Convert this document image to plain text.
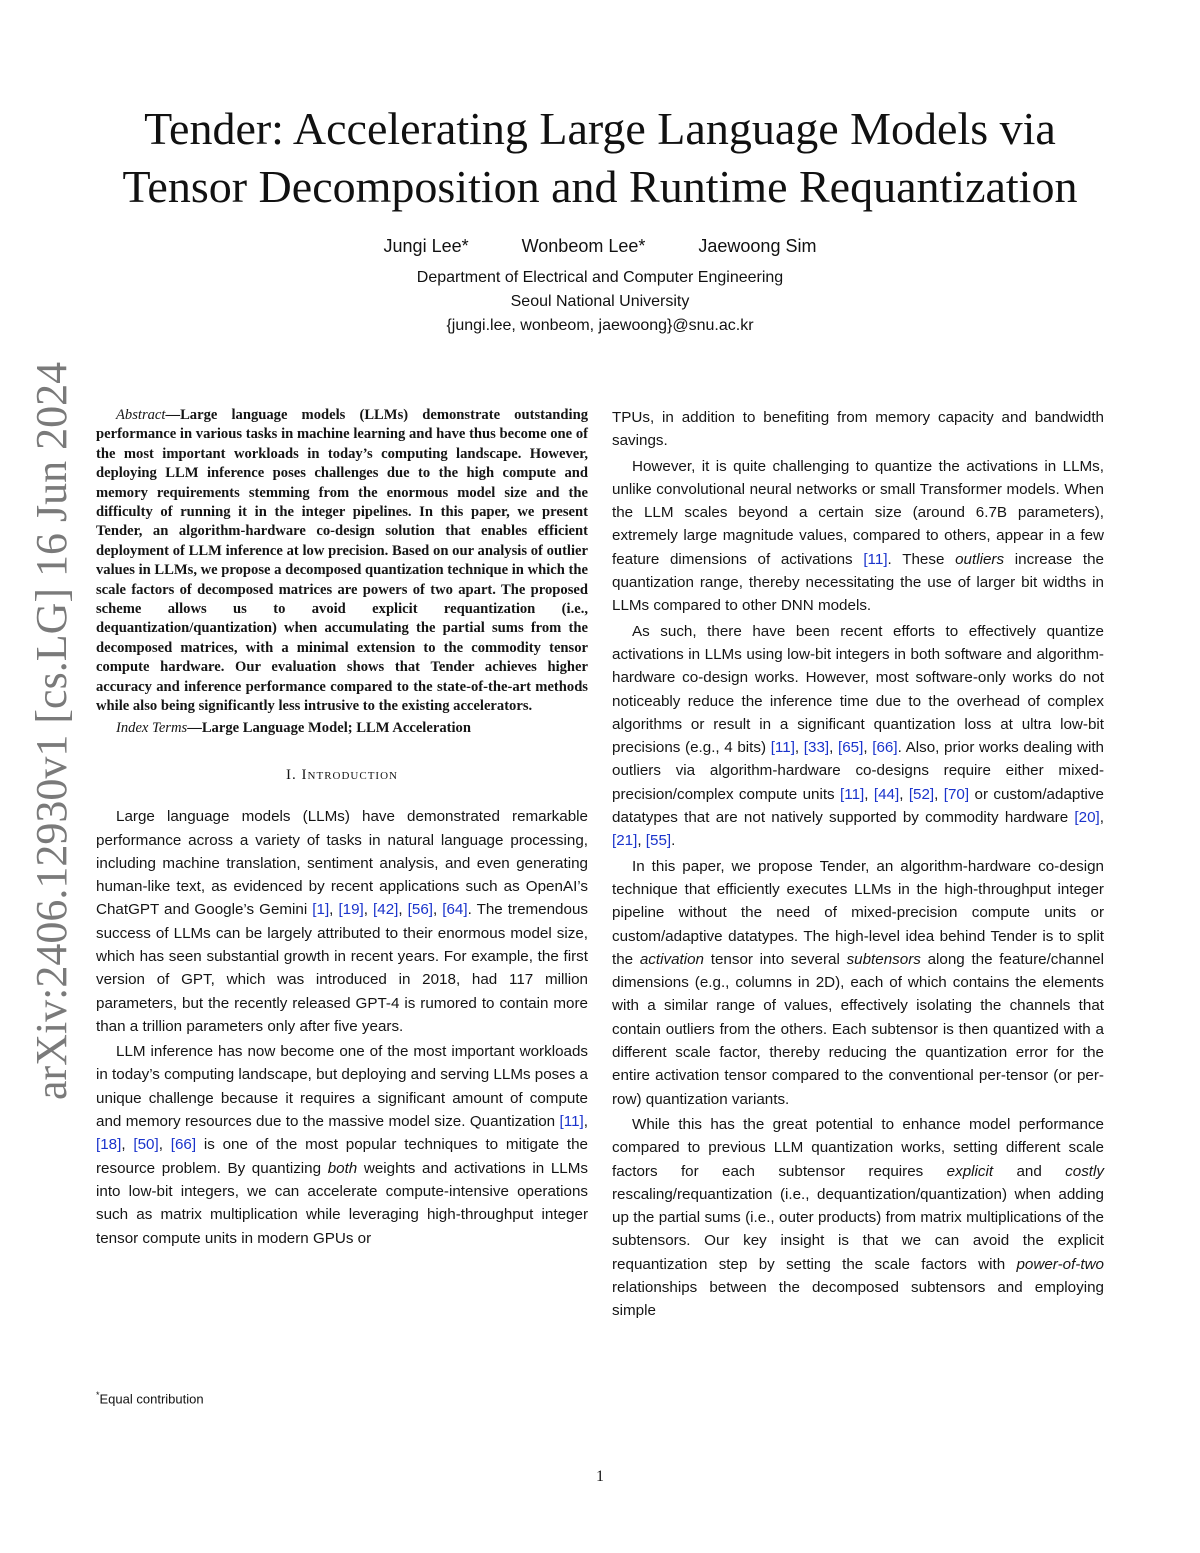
arXiv:2406.12930v1 [cs.LG] 16 Jun 2024
Tender: Accelerating Large Language Models via
Tensor Decomposition and Runtime Requantization
Jungi Lee*	Wonbeom Lee*	Jaewoong Sim
Department of Electrical and Computer Engineering
Seoul National University
{jungi.lee, wonbeom, jaewoong}@snu.ac.kr

Abstract—Large language models (LLMs) demonstrate outstanding performance in various tasks in machine learning and have thus become one of the most important workloads in today’s computing landscape. However, deploying LLM inference poses challenges due to the high compute and memory requirements stemming from the enormous model size and the difficulty of running it in the integer pipelines. In this paper, we present Tender, an algorithm-hardware co-design solution that enables efficient deployment of LLM inference at low precision. Based on our analysis of outlier values in LLMs, we propose a decomposed quantization technique in which the scale factors of decomposed matrices are powers of two apart. The proposed scheme allows us to avoid explicit requantization (i.e., dequantization/quantization) when accumulating the partial sums from the decomposed matrices, with a minimal extension to the commodity tensor compute hardware. Our evaluation shows that Tender achieves higher accuracy and inference performance compared to the state-of-the-art methods while also being significantly less intrusive to the existing accelerators.

Index Terms—Large Language Model; LLM Acceleration

I. Introduction

Large language models (LLMs) have demonstrated remarkable performance across a variety of tasks in natural language processing, including machine translation, sentiment analysis, and even generating human-like text, as evidenced by recent applications such as OpenAI’s ChatGPT and Google’s Gemini [1], [19], [42], [56], [64]. The tremendous success of LLMs can be largely attributed to their enormous model size, which has seen substantial growth in recent years. For example, the first version of GPT, which was introduced in 2018, had 117 million parameters, but the recently released GPT-4 is rumored to contain more than a trillion parameters only after five years.

LLM inference has now become one of the most important workloads in today’s computing landscape, but deploying and serving LLMs poses a unique challenge because it requires a significant amount of compute and memory resources due to the massive model size. Quantization [11], [18], [50], [66] is one of the most popular techniques to mitigate the resource problem. By quantizing both weights and activations in LLMs into low-bit integers, we can accelerate compute-intensive operations such as matrix multiplication while leveraging high-throughput integer tensor compute units in modern GPUs or

TPUs, in addition to benefiting from memory capacity and bandwidth savings.

However, it is quite challenging to quantize the activations in LLMs, unlike convolutional neural networks or small Transformer models. When the LLM scales beyond a certain size (around 6.7B parameters), extremely large magnitude values, compared to others, appear in a few feature dimensions of activations [11]. These outliers increase the quantization range, thereby necessitating the use of larger bit widths in LLMs compared to other DNN models.

As such, there have been recent efforts to effectively quantize activations in LLMs using low-bit integers in both software and algorithm-hardware co-design works. However, most software-only works do not noticeably reduce the inference time due to the overhead of complex algorithms or result in a significant quantization loss at ultra low-bit precisions (e.g., 4 bits) [11], [33], [65], [66]. Also, prior works dealing with outliers via algorithm-hardware co-designs require either mixed-precision/complex compute units [11], [44], [52], [70] or custom/adaptive datatypes that are not natively supported by commodity hardware [20], [21], [55].

In this paper, we propose Tender, an algorithm-hardware co-design technique that efficiently executes LLMs in the high-throughput integer pipeline without the need of mixed-precision compute units or custom/adaptive datatypes. The high-level idea behind Tender is to split the activation tensor into several subtensors along the feature/channel dimensions (e.g., columns in 2D), each of which contains the elements with a similar range of values, effectively isolating the channels that contain outliers from the others. Each subtensor is then quantized with a different scale factor, thereby reducing the quantization error for the entire activation tensor compared to the conventional per-tensor (or per-row) quantization variants.

While this has the great potential to enhance model performance compared to previous LLM quantization works, setting different scale factors for each subtensor requires explicit and costly rescaling/requantization (i.e., dequantization/quantization) when adding up the partial sums (i.e., outer products) from matrix multiplications of the subtensors. Our key insight is that we can avoid the explicit requantization step by setting the scale factors with power-of-two relationships between the decomposed subtensors and employing simple

*Equal contribution
1
